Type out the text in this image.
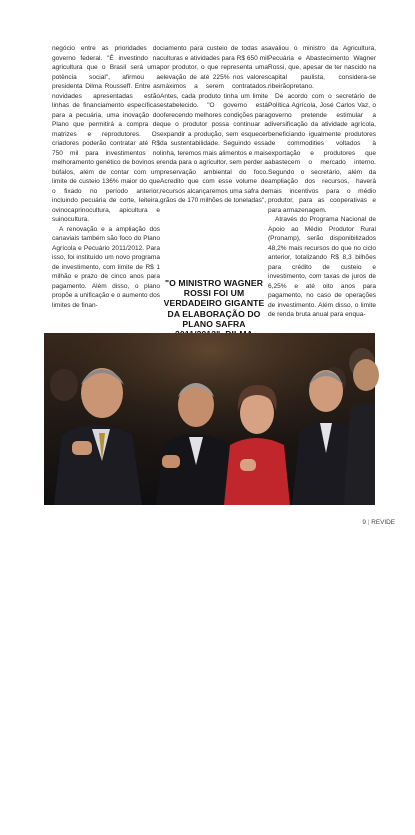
negócio entre as prioridades do governo federal. "É investindo na agricultura que o Brasil será uma potência social", afirmou a presidenta Dilma Rousseff. Entre as novidades apresentadas estão linhas de financiamento específicas para a pecuária, uma inovação do Plano que permitirá a compra de matrizes e reprodutores. Os criadores poderão contratar até R$ 750 mil para investimentos no melhoramento genético de bovinos e búfalos, além de contar com um limite de custeio 136% maior do que o fixado no período anterior, incluindo pecuária de corte, leiteira, ovinocaprinocultura, apicultura e suinocultura.

A renovação e a ampliação dos canaviais também são foco do Plano Agrícola e Pecuário 2011/2012. Para isso, foi instituído um novo programa de investimento, com limite de R$ 1 milhão e prazo de cinco anos para pagamento. Além disso, o plano propõe a unificação e o aumento dos limites de finan-

ciamento para custeio de todas as culturas e atividades para R$ 650 mil por produtor, o que representa uma elevação de até 225% nos valores máximos a serem contratados. Antes, cada produto tinha um limite estabelecido. "O governo está oferecendo melhores condições para que o produtor possa continuar a expandir a produção, sem esquecer da sustentabilidade. Seguindo essa linha, teremos mais alimentos e mais renda para o agricultor, sem perder a preservação ambiental do foco. Acredito que com esse volume de recursos alcançaremos uma safra de grãos de 170 milhões de toneladas",

avaliou o ministro da Agricultura, Pecuária e Abastecimento Wagner Rossi, que, apesar de ter nascido na capital paulista, considera-se ribeirãopretano.

De acordo com o secretário de Política Agrícola, José Carlos Vaz, o governo pretende estimular a diversificação da atividade agrícola, beneficiando igualmente produtores de commodities voltados à exportação e produtores que abastecem o mercado interno. Segundo o secretário, além da ampliação dos recursos, haverá mais incentivos para o médio produtor, para as cooperativas e para armazenagem.

Através do Programa Nacional de Apoio ao Médio Produtor Rural (Pronamp), serão disponibilizados 48,2% mais recursos do que no ciclo anterior, totalizando R$ 8,3 bilhões para crédito de custeio e investimento, com taxas de juros de 6,25% e até oito anos para pagamento, no caso de operações de investimento. Além disso, o limite de renda bruta anual para enqua-

"O MINISTRO WAGNER ROSSI FOI UM VERDADEIRO GIGANTE DA ELABORAÇÃO DO PLANO SAFRA
Wagner Rossi, Michel Temer, Dilma Rousseff e Geraldo Alckmin discursaram no evento
9 | REVIDE
